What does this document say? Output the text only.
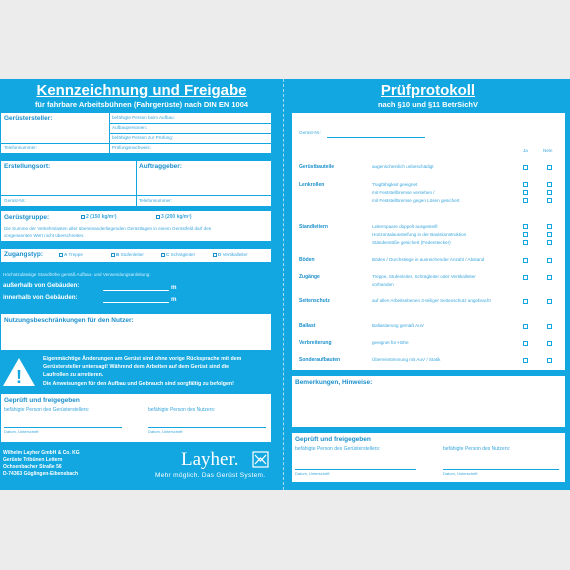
Kennzeichnung und Freigabe
für fahrbare Arbeitsbühnen (Fahrgerüste) nach DIN EN 1004
Gerüstersteller:	befähigte Person beim Aufbau:
Aufbaupersonen:
befähigte Person zur Prüfung:
Telefonnummer:	Prüfungsnachweis:
Erstellungsort:	Auftraggeber:
Gerüst-Nr.:	Telefonnummer:
Gerüstgruppe:	2 (150 kg/m²)	3 (200 kg/m²)
Die Summe der Verkehrslasten aller übereinanderliegenden Gerüstlagen in einem Gerüstfeld darf den
vorgenannten Wert nicht überschreiten.
Zugangstyp:	A Treppe	B Stufenleiter	C Schrägleiter	D Vertikalleiter
Höchstzulässige Standhöhe gemäß Aufbau- und Verwendungsanleitung:
außerhalb von Gebäuden:	m
innerhalb von Gebäuden:	m
Nutzungsbeschränkungen für den Nutzer:
!
Eigenmächtige Änderungen am Gerüst sind ohne vorige Rücksprache mit dem
Gerüstersteller untersagt! Während dem Arbeiten auf dem Gerüst sind die
Laufrollen zu arretieren.
Die Anweisungen für den Aufbau und Gebrauch sind sorgfältig zu befolgen!
Geprüft und freigegeben
befähigte Person des Gerüsterstellers:	befähigte Person des Nutzers:
Datum, Unterschrift	Datum, Unterschrift
Wilhelm Layher GmbH & Co. KG
Gerüste Tribünen Leitern
Ochsenbacher Straße 56
D-74363 Güglingen-Eibensbach
Layher.
Mehr möglich. Das Gerüst System.
Prüfprotokoll
nach §10 und §11 BetrSichV
Gerüst-Nr.:
Ja	Nein
Gerüstbauteile	augenscheinlich unbeschädigt
Lenkrollen	Tragfähigkeit geeignet
mit Feststellbremse versehen /
mit Feststellbremse gegen Lösen gesichert
Standleitern	Leiternpaare doppelt ausgesteift
Horizontalaussteifung in der Basiskonstruktion
Ständerstöße gesichert (Federstecker)
Böden	Böden / Durchstiege in ausreichender Anzahl / Abstand
Zugänge	Treppe, Stufenleiter, Schrägleiter oder Vertikalleiter
vorhanden
Seitenschutz	auf allen Arbeitsebenen 3-teiliger Seitenschutz angebracht
Ballast	Ballastierung gemäß AuV
Verbreiterung	geeignet für Höhe
Sonderaufbauten	Übereinstimmung mit AuV / Statik
Bemerkungen, Hinweise:
Geprüft und freigegeben
befähigte Person des Gerüsterstellers:	befähigte Person des Nutzers:
Datum, Unterschrift	Datum, Unterschrift
